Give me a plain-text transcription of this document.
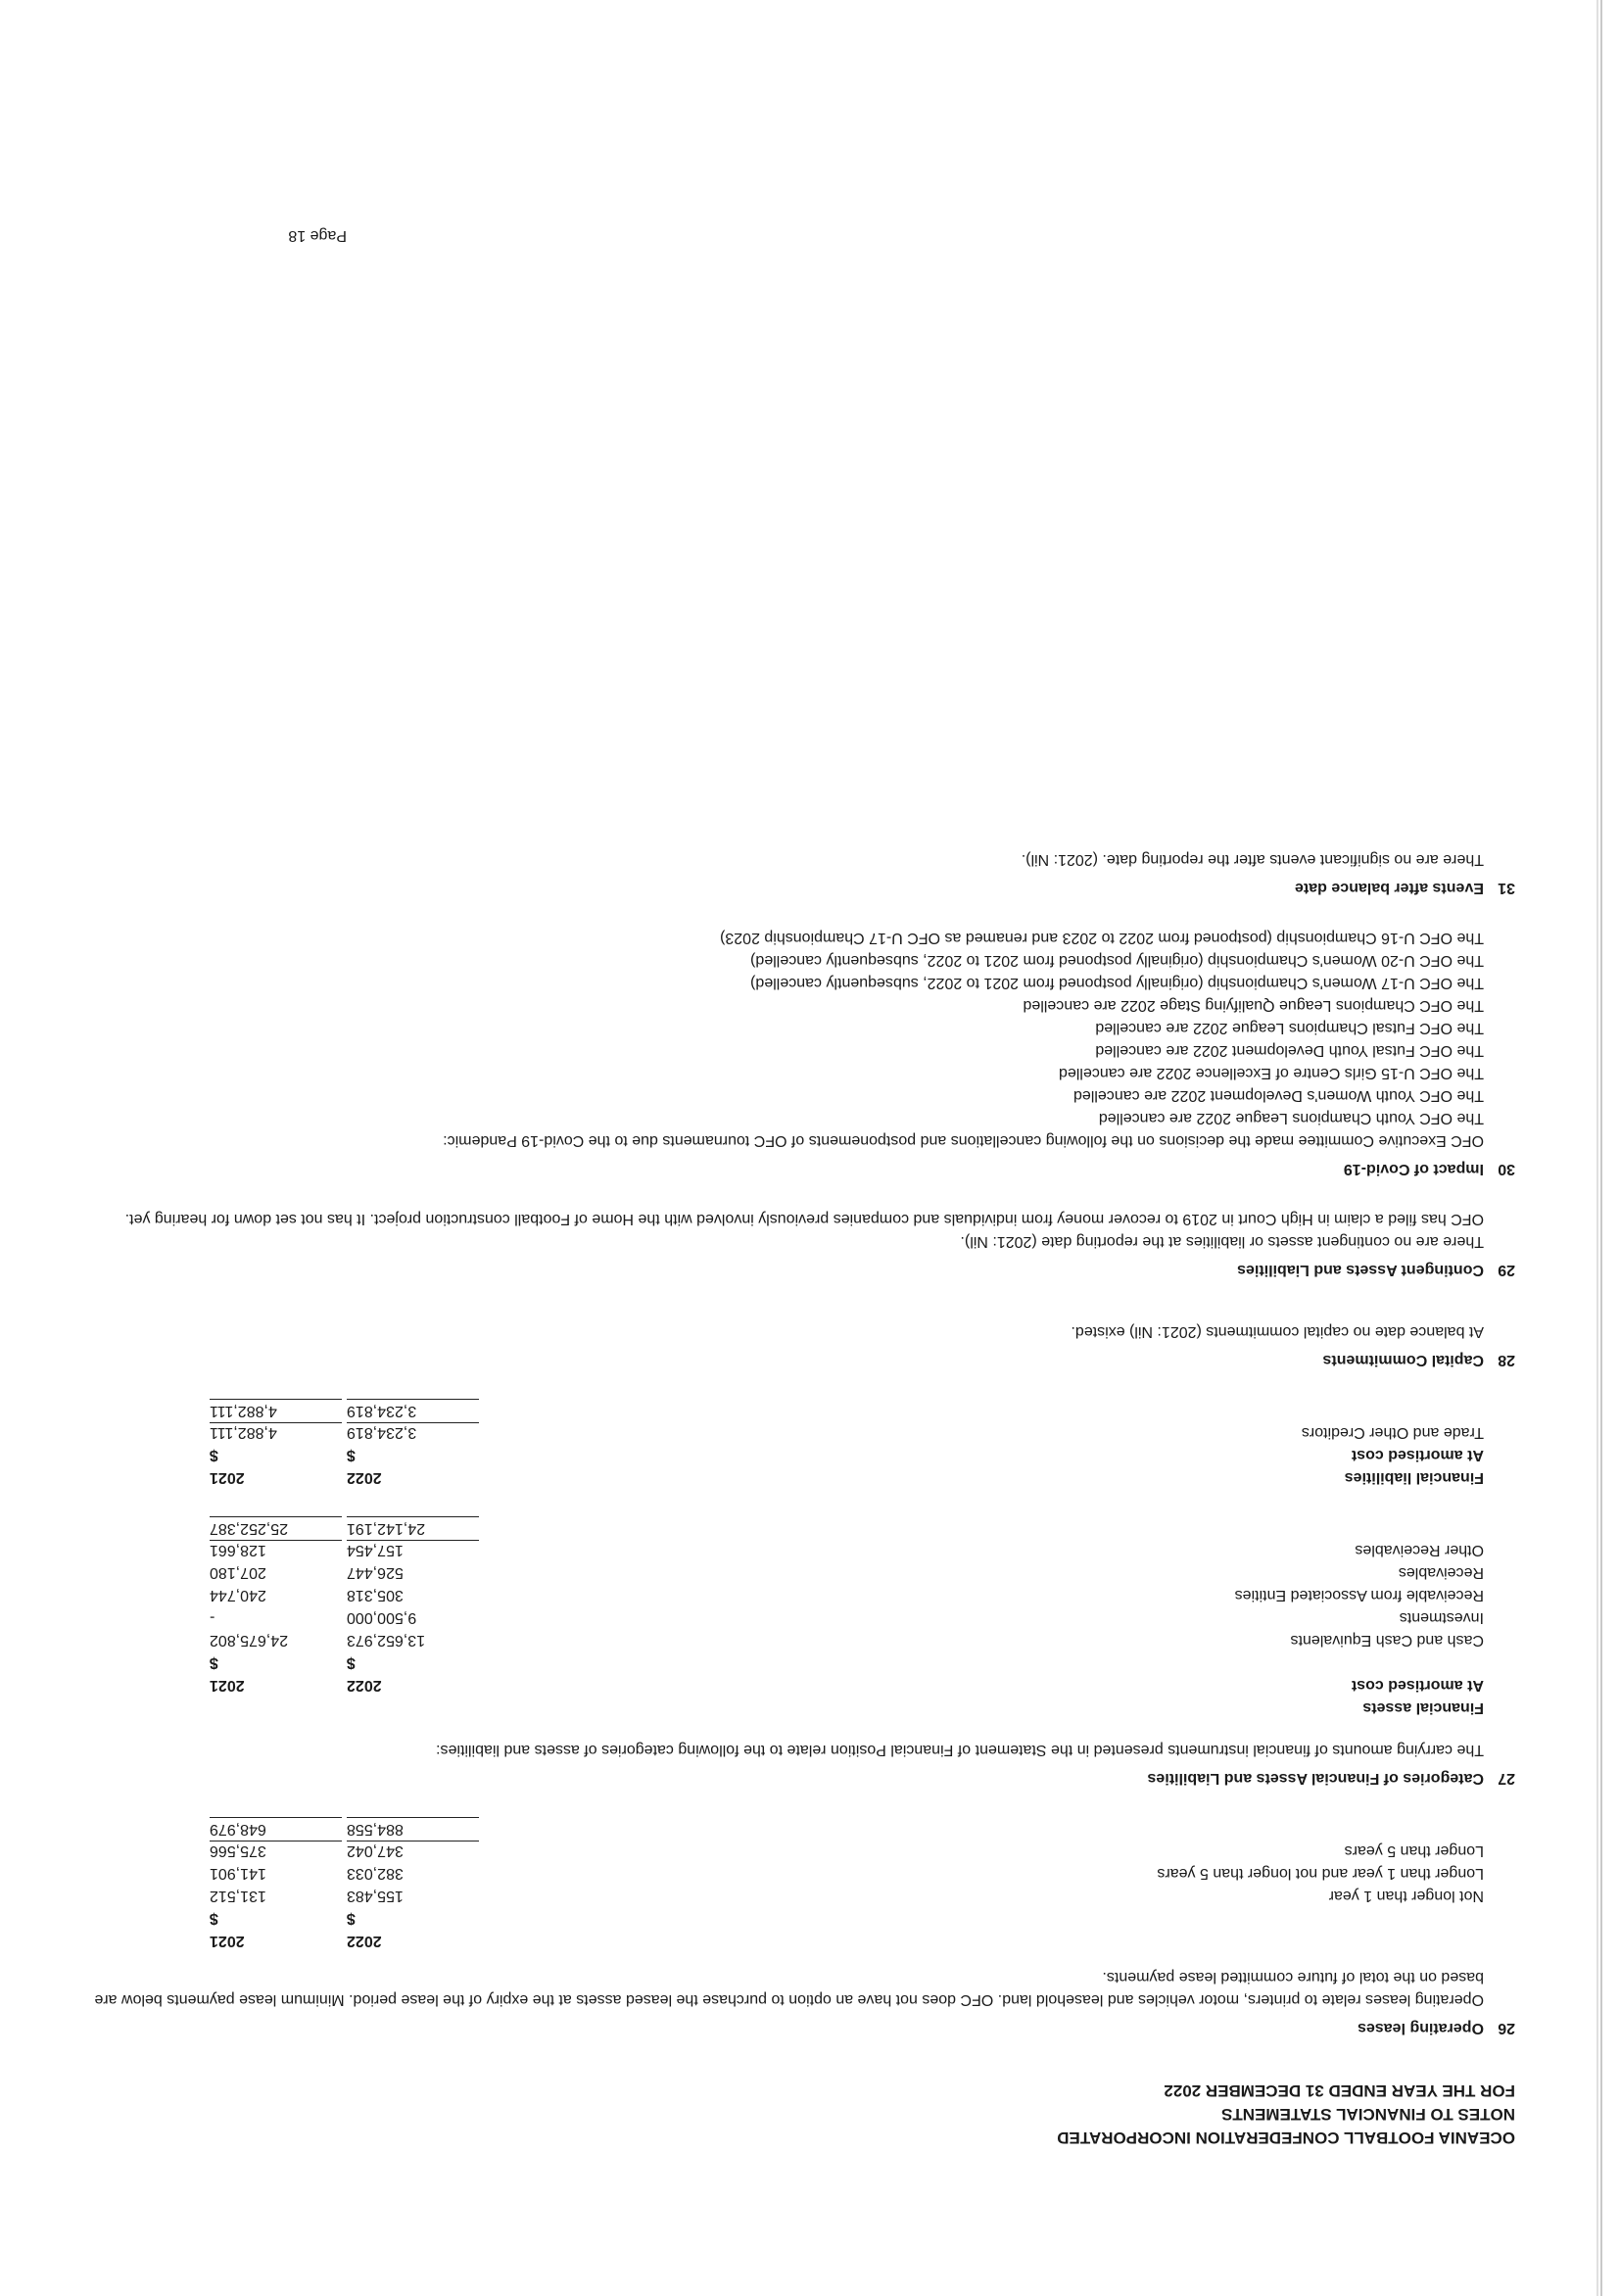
OCEANIA FOOTBALL CONFEDERATION INCORPORATED
NOTES TO FINANCIAL STATEMENTS
FOR THE YEAR ENDED 31 DECEMBER 2022
26Operating leases
Operating leases relate to printers, motor vehicles and leasehold land. OFC does not have an option to purchase the leased assets at the expiry of the lease period. Minimum lease payments below are based on the total of future committed lease payments.
2022
2021
$
$
Not longer than 1 year
155,483
131,512
Longer than 1 year and not longer than 5 years
382,033
141,901
Longer than 5 years
347,042
375,566
884,558
648,979
27Categories of Financial Assets and Liabilities
The carrying amounts of financial instruments presented in the Statement of Financial Position relate to the following categories of assets and liabilities:
Financial assets
At amortised cost
2022
2021
$
$
Cash and Cash Equivalents
13,652,973
24,675,802
Investments
9,500,000
-
Receivable from Associated Entities
305,318
240,744
Receivables
526,447
207,180
Other Receivables
157,454
128,661
24,142,191
25,252,387
Financial liabilities
2022
2021
At amortised cost
$
$
Trade and Other Creditors
3,234,819
4,882,111
3,234,819
4,882,111
28Capital Commitments
At balance date no capital commitments (2021: Nil) existed.
29Contingent Assets and Liabilities
There are no contingent assets or liabilities at the reporting date (2021: Nil).
OFC has filed a claim in High Court in 2019 to recover money from individuals and companies previously involved with the Home of Football construction project. It has not set down for hearing yet.
30Impact of Covid-19
OFC Executive Committee made the decisions on the following cancellations and postponements of OFC tournaments due to the Covid-19 Pandemic:
The OFC Youth Champions League 2022 are cancelled
The OFC Youth Women's Development 2022 are cancelled
The OFC U-15 Girls Centre of Excellence 2022 are cancelled
The OFC Futsal Youth Development 2022 are cancelled
The OFC Futsal Champions League 2022 are cancelled
The OFC Champions League Qualifying Stage 2022 are cancelled
The OFC U-17 Women's Championship (originally postponed from 2021 to 2022, subsequently cancelled)
The OFC U-20 Women's Championship (originally postponed from 2021 to 2022, subsequently cancelled)
The OFC U-16 Championship (postponed from 2022 to 2023 and renamed as OFC U-17 Championship 2023)
31Events after balance date
There are no significant events after the reporting date. (2021: Nil).
Page 18
